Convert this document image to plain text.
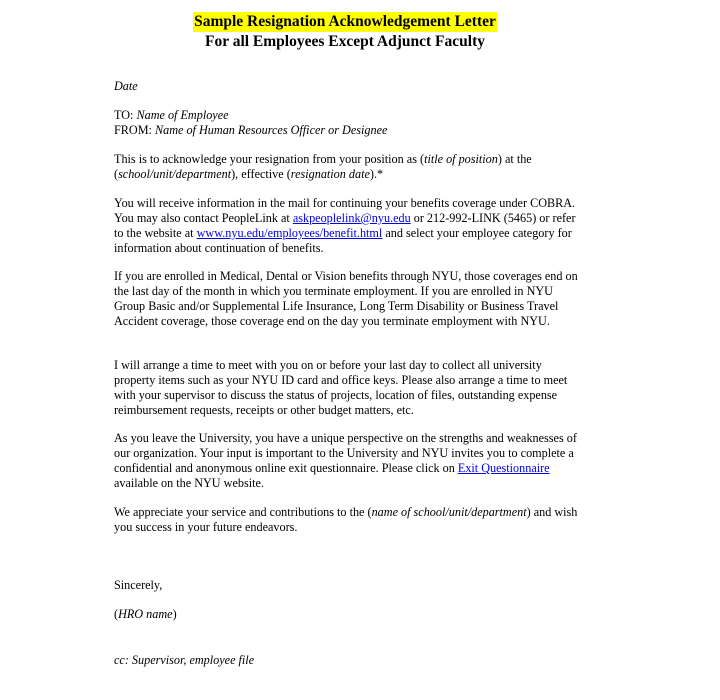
Sample Resignation Acknowledgement Letter
For all Employees Except Adjunct Faculty
Date
TO: Name of Employee
FROM: Name of Human Resources Officer or Designee

This is to acknowledge your resignation from your position as (title of position) at the (school/unit/department), effective (resignation date).*

You will receive information in the mail for continuing your benefits coverage under COBRA. You may also contact PeopleLink at askpeoplelink@nyu.edu or 212-992-LINK (5465) or refer to the website at www.nyu.edu/employees/benefit.html and select your employee category for information about continuation of benefits.

If you are enrolled in Medical, Dental or Vision benefits through NYU, those coverages end on the last day of the month in which you terminate employment. If you are enrolled in NYU Group Basic and/or Supplemental Life Insurance, Long Term Disability or Business Travel Accident coverage, those coverage end on the day you terminate employment with NYU.

I will arrange a time to meet with you on or before your last day to collect all university property items such as your NYU ID card and office keys. Please also arrange a time to meet with your supervisor to discuss the status of projects, location of files, outstanding expense reimbursement requests, receipts or other budget matters, etc.

As you leave the University, you have a unique perspective on the strengths and weaknesses of our organization. Your input is important to the University and NYU invites you to complete a confidential and anonymous online exit questionnaire. Please click on Exit Questionnaire available on the NYU website.

We appreciate your service and contributions to the (name of school/unit/department) and wish you success in your future endeavors.

Sincerely,
(HRO name)
cc: Supervisor, employee file
